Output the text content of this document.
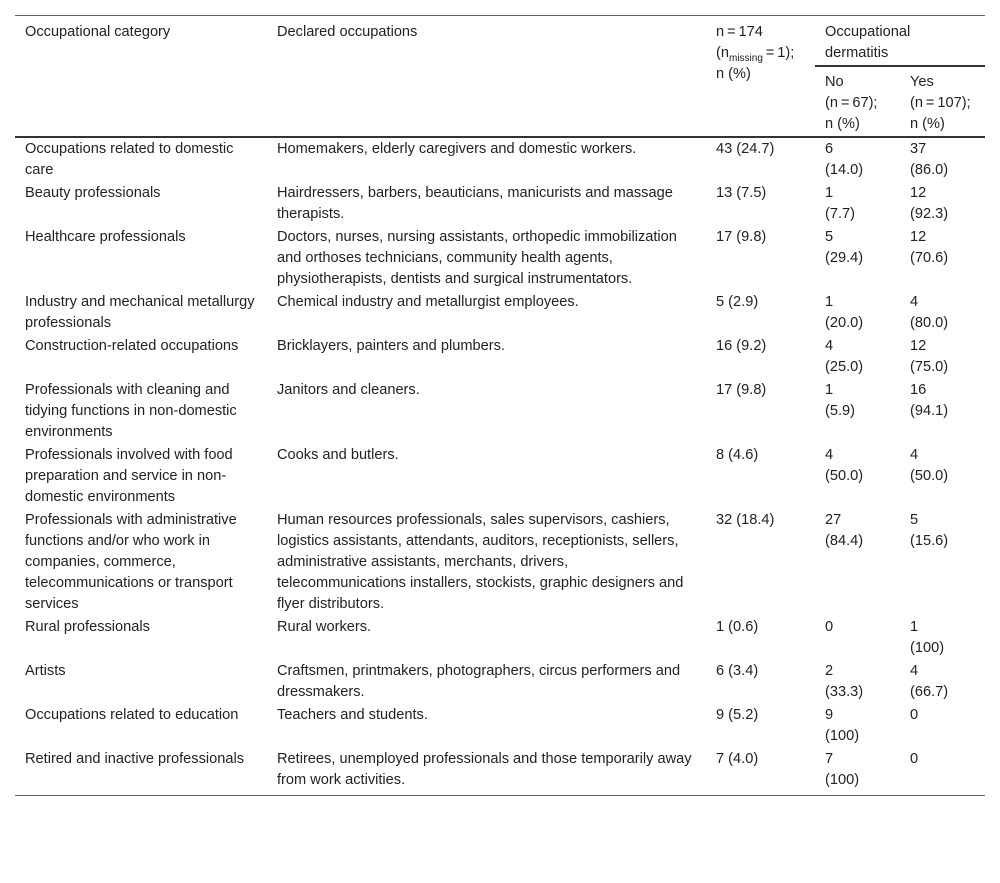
Occupational category	Declared occupations	n = 174
$(n_{missing} = 1)$;
n (%)	Occupational dermatitis	
			No
(n = 67);
n (%)	Yes
(n = 107);
n (%)
Occupations related to domestic care	Homemakers, elderly caregivers and domestic workers.	43 (24.7)	6
(14.0)	37
(86.0)
Beauty professionals	Hairdressers, barbers, beauticians, manicurists and massage therapists.	13 (7.5)	1
(7.7)	12
(92.3)
Healthcare professionals	Doctors, nurses, nursing assistants, orthopedic immobilization and orthoses technicians, community health agents, physiotherapists, dentists and surgical instrumentators.	17 (9.8)	5
(29.4)	12
(70.6)
Industry and mechanical metallurgy professionals	Chemical industry and metallurgist employees.	5 (2.9)	1
(20.0)	4
(80.0)
Construction-related occupations	Bricklayers, painters and plumbers.	16 (9.2)	4
(25.0)	12
(75.0)
Professionals with cleaning and tidying functions in non-domestic environments	Janitors and cleaners.	17 (9.8)	1
(5.9)	16
(94.1)
Professionals involved with food preparation and service in non-domestic environments	Cooks and butlers.	8 (4.6)	4
(50.0)	4
(50.0)
Professionals with administrative functions and/or who work in companies, commerce, telecommunications or transport services	Human resources professionals, sales supervisors, cashiers, logistics assistants, attendants, auditors, receptionists, sellers, administrative assistants, merchants, drivers, telecommunications installers, stockists, graphic designers and flyer distributors.	32 (18.4)	27
(84.4)	5
(15.6)
Rural professionals	Rural workers.	1 (0.6)	0	1
(100)
Artists	Craftsmen, printmakers, photographers, circus performers and dressmakers.	6 (3.4)	2
(33.3)	4
(66.7)
Occupations related to education	Teachers and students.	9 (5.2)	9
(100)	0
Retired and inactive professionals	Retirees, unemployed professionals and those temporarily away from work activities.	7 (4.0)	7
(100)	0
